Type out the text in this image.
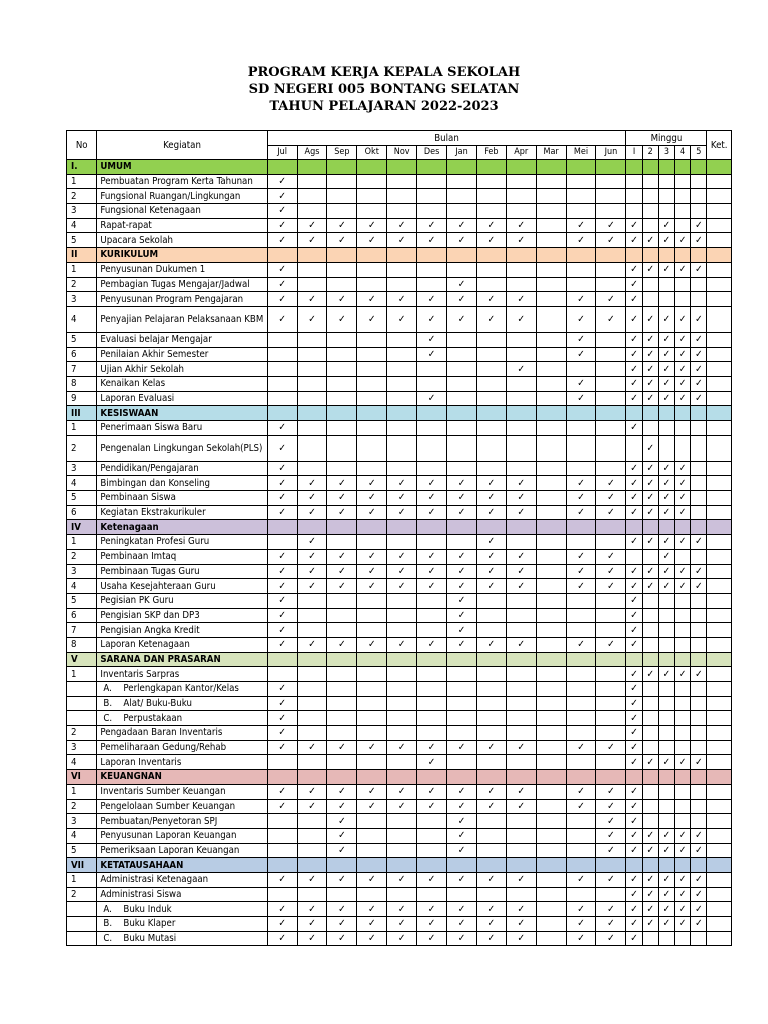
PROGRAM KERJA KEPALA SEKOLAH
SD NEGERI 005 BONTANG SELATAN
TAHUN PELAJARAN 2022-2023
No	Kegiatan	Bulan												Minggu					Ket.
		Jul	Ags	Sep	Okt	Nov	Des	Jan	Feb	Apr	Mar	Mei	Jun	I	2	3	4	5	
I.	UMUM																		
1	Pembuatan Program Kerta Tahunan	✓																	
2	Fungsional Ruangan/Lingkungan	✓																	
3	Fungsional Ketenagaan	✓																	
4	Rapat-rapat	✓	✓	✓	✓	✓	✓	✓	✓	✓		✓	✓	✓		✓		✓	
5	Upacara Sekolah	✓	✓	✓	✓	✓	✓	✓	✓	✓		✓	✓	✓	✓	✓	✓	✓	
II	KURIKULUM																		
1	Penyusunan Dukumen 1	✓												✓	✓	✓	✓	✓	
2	Pembagian Tugas Mengajar/Jadwal	✓						✓						✓					
3	Penyusunan Program Pengajaran	✓	✓	✓	✓	✓	✓	✓	✓	✓		✓	✓	✓					
4	Penyajian Pelajaran Pelaksanaan KBM	✓	✓	✓	✓	✓	✓	✓	✓	✓		✓	✓	✓	✓	✓	✓	✓	
5	Evaluasi belajar Mengajar						✓					✓		✓	✓	✓	✓	✓	
6	Penilaian Akhir Semester						✓					✓		✓	✓	✓	✓	✓	
7	Ujian Akhir Sekolah									✓				✓	✓	✓	✓	✓	
8	Kenaikan Kelas											✓		✓	✓	✓	✓	✓	
9	Laporan Evaluasi						✓					✓		✓	✓	✓	✓	✓	
III	KESISWAAN																		
1	Penerimaan Siswa Baru	✓												✓					
2	Pengenalan Lingkungan Sekolah(PLS)	✓													✓				
3	Pendidikan/Pengajaran	✓												✓	✓	✓	✓		
4	Bimbingan dan Konseling	✓	✓	✓	✓	✓	✓	✓	✓	✓		✓	✓	✓	✓	✓	✓		
5	Pembinaan Siswa	✓	✓	✓	✓	✓	✓	✓	✓	✓		✓	✓	✓	✓	✓	✓		
6	Kegiatan Ekstrakurikuler	✓	✓	✓	✓	✓	✓	✓	✓	✓		✓	✓	✓	✓	✓	✓		
IV	Ketenagaan																		
1	Peningkatan Profesi Guru		✓						✓					✓	✓	✓	✓	✓	
2	Pembinaan Imtaq	✓	✓	✓	✓	✓	✓	✓	✓	✓		✓	✓			✓			
3	Pembinaan Tugas Guru	✓	✓	✓	✓	✓	✓	✓	✓	✓		✓	✓	✓	✓	✓	✓	✓	
4	Usaha Kesejahteraan Guru	✓	✓	✓	✓	✓	✓	✓	✓	✓		✓	✓	✓	✓	✓	✓	✓	
5	Pegisian PK Guru	✓						✓						✓					
6	Pengisian SKP dan DP3	✓						✓						✓					
7	Pengisian Angka Kredit	✓						✓						✓					
8	Laporan Ketenagaan	✓	✓	✓	✓	✓	✓	✓	✓	✓		✓	✓	✓					
V	SARANA DAN PRASARAN																		
1	Inventaris Sarpras													✓	✓	✓	✓	✓	
	A. Perlengkapan Kantor/Kelas	✓												✓					
	B. Alat/ Buku-Buku	✓												✓					
	C. Perpustakaan	✓												✓					
2	Pengadaan Baran Inventaris	✓												✓					
3	Pemeliharaan Gedung/Rehab	✓	✓	✓	✓	✓	✓	✓	✓	✓		✓	✓	✓					
4	Laporan Inventaris						✓							✓	✓	✓	✓	✓	
VI	KEUANGNAN																		
1	Inventaris Sumber Keuangan	✓	✓	✓	✓	✓	✓	✓	✓	✓		✓	✓	✓					
2	Pengelolaan Sumber Keuangan	✓	✓	✓	✓	✓	✓	✓	✓	✓		✓	✓	✓					
3	Pembuatan/Penyetoran SPJ			✓				✓					✓	✓					
4	Penyusunan Laporan Keuangan			✓				✓					✓	✓	✓	✓	✓	✓	
5	Pemeriksaan Laporan Keuangan			✓				✓					✓	✓	✓	✓	✓	✓	
VII	KETATAUSAHAAN																		
1	Administrasi Ketenagaan	✓	✓	✓	✓	✓	✓	✓	✓	✓		✓	✓	✓	✓	✓	✓	✓	
2	Administrasi Siswa													✓	✓	✓	✓	✓	
	A. Buku Induk	✓	✓	✓	✓	✓	✓	✓	✓	✓		✓	✓	✓	✓	✓	✓	✓	
	B. Buku Klaper	✓	✓	✓	✓	✓	✓	✓	✓	✓		✓	✓	✓	✓	✓	✓	✓	
	C. Buku Mutasi	✓	✓	✓	✓	✓	✓	✓	✓	✓		✓	✓	✓					
